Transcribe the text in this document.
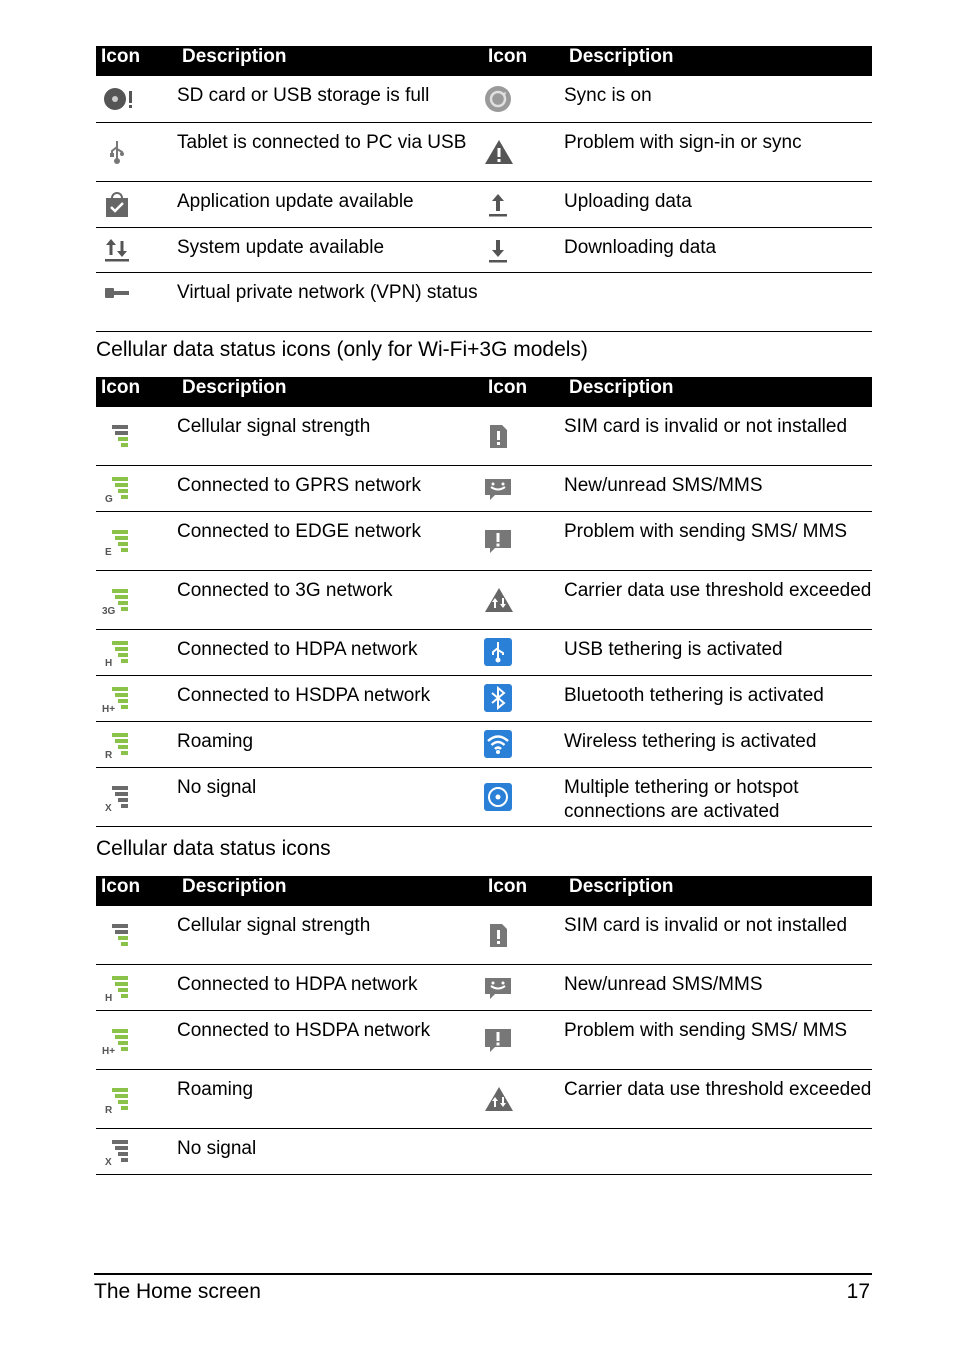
Icon	Description	Icon	Description

	SD card or USB storage is full		Sync is on

	Tablet is connected to PC via USB		Problem with sign-in or sync

	Application update available		Uploading data

	System update available		Downloading data

	Virtual private network (VPN) status		
Cellular data status icons (only for Wi-Fi+3G models)
Icon	Description	Icon	Description

	Cellular signal strength		SIM card is invalid or not installed

G	Connected to GPRS network		New/unread SMS/MMS

E	Connected to EDGE network		Problem with sending SMS/ MMS

3G	Connected to 3G network		Carrier data use threshold exceeded

H	Connected to HDPA network		USB tethering is activated

H+	Connected to HSDPA network		Bluetooth tethering is activated

R	Roaming		Wireless tethering is activated

X	No signal		Multiple tethering or hotspot connections are activated
Cellular data status icons
Icon	Description	Icon	Description

	Cellular signal strength		SIM card is invalid or not installed

H	Connected to HDPA network		New/unread SMS/MMS

H+	Connected to HSDPA network		Problem with sending SMS/ MMS

R	Roaming		Carrier data use threshold exceeded

X	No signal		
The Home screen	17
